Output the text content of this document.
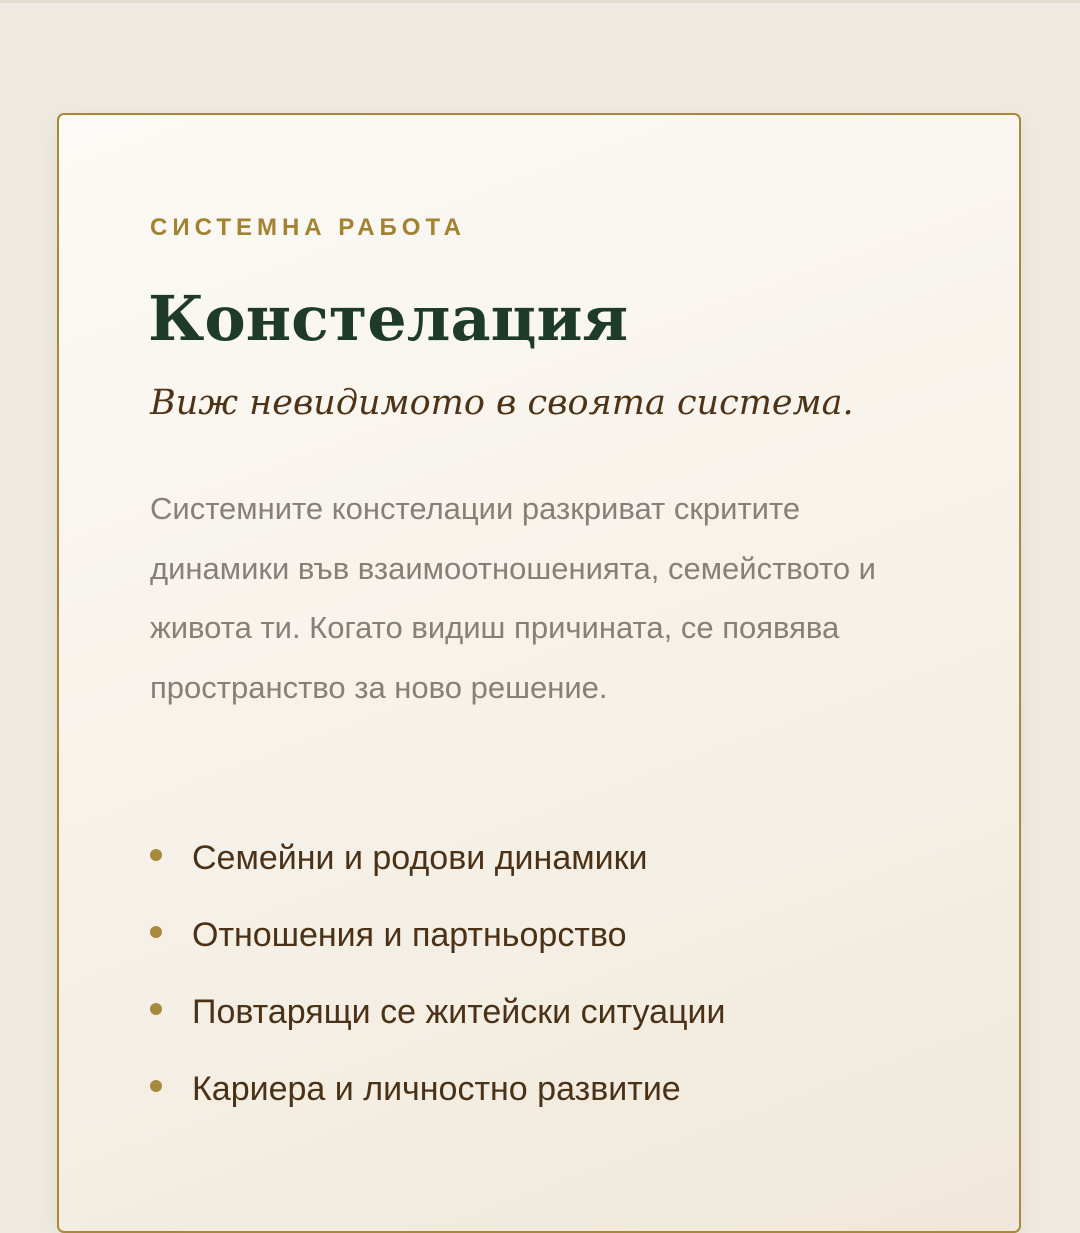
СИСТЕМНА РАБОТА

Констелация

Виж невидимото в своята система.

Системните констелации разкриват скритите динамики във взаимоотношенията, семейството и живота ти. Когато видиш причината, се появява пространство за ново решение.

Семейни и родови динамики
Отношения и партньорство
Повтарящи се житейски ситуации
Кариера и личностно развитие
